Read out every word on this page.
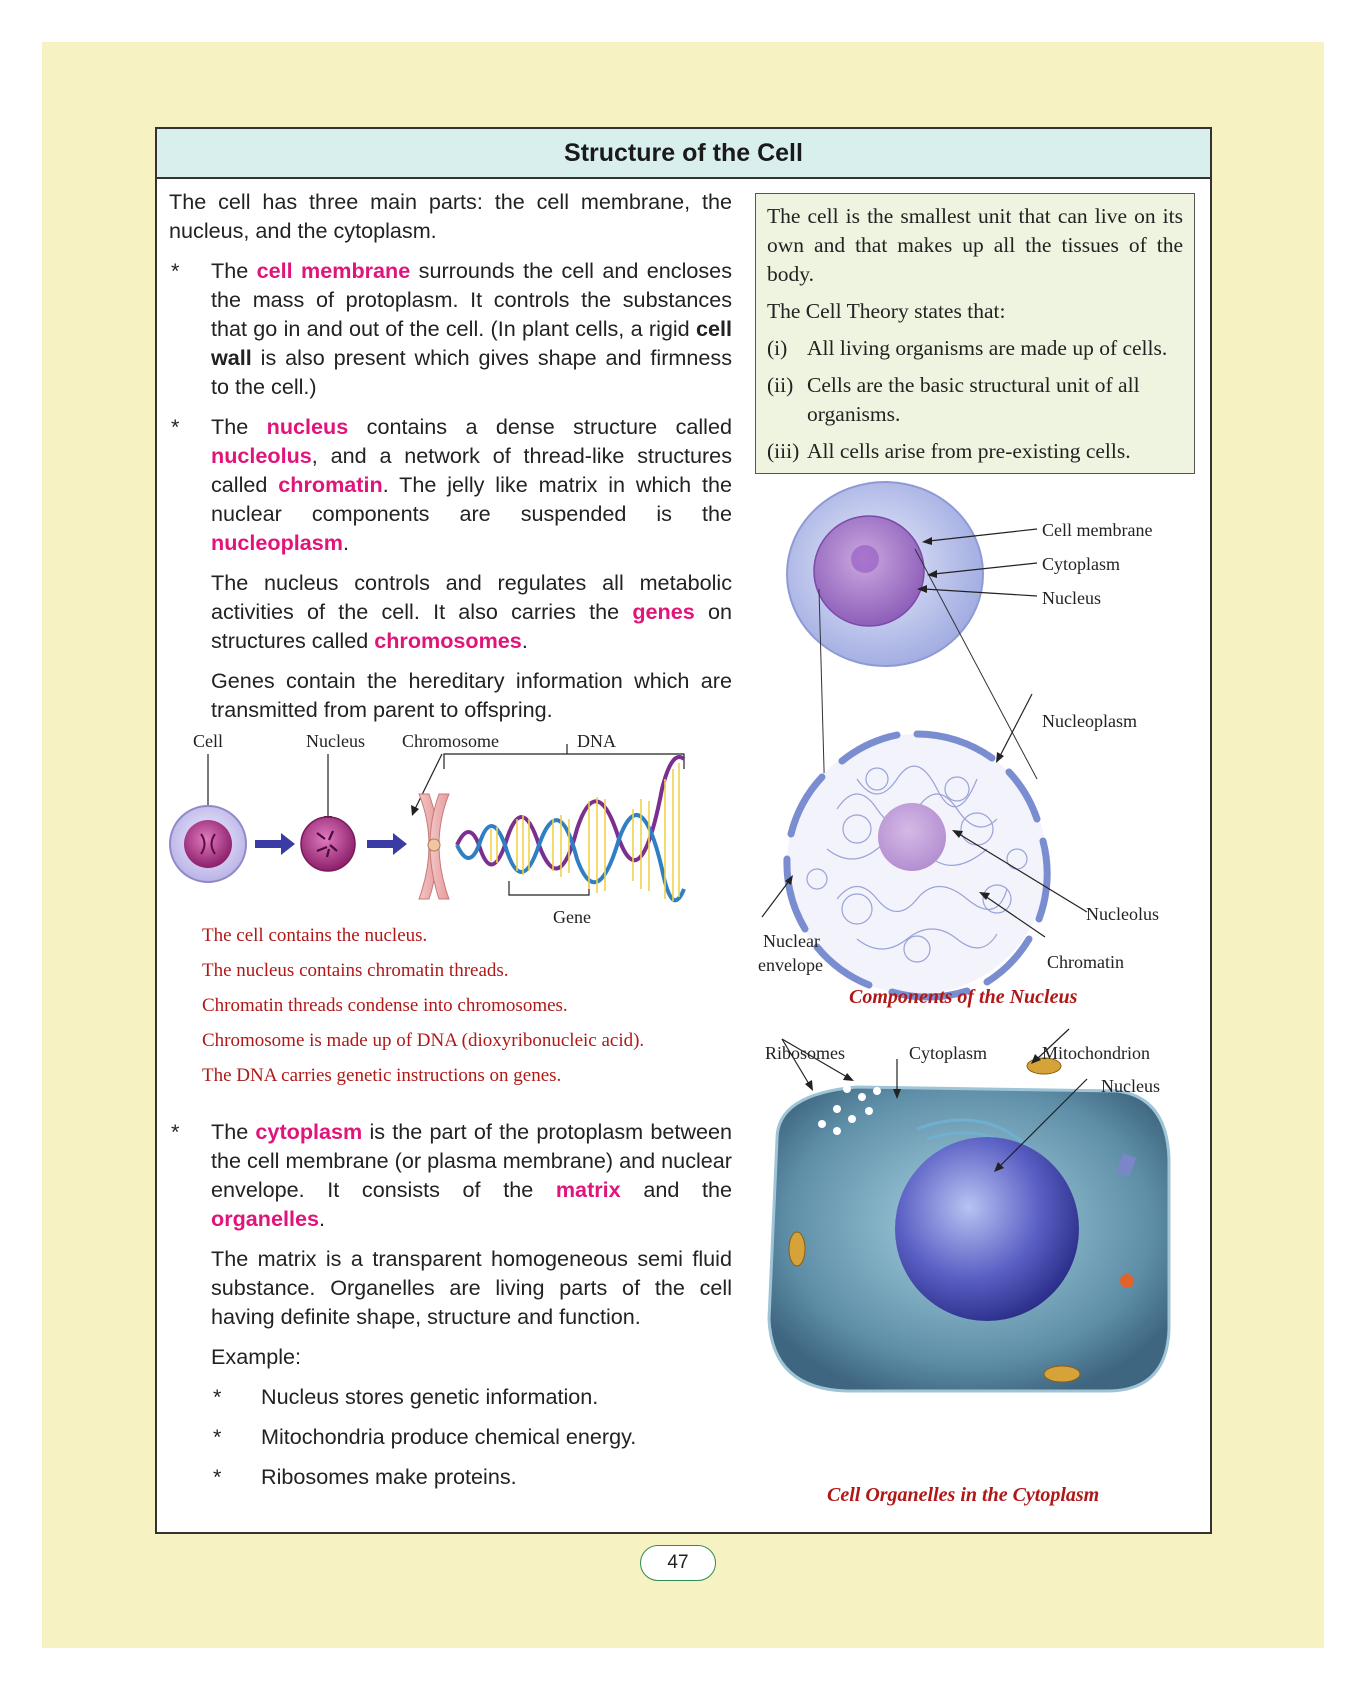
Structure of the Cell

The cell has three main parts: the cell membrane, the nucleus, and the cytoplasm.

*	The cell membrane surrounds the cell and encloses the mass of protoplasm. It controls the substances that go in and out of the cell. (In plant cells, a rigid cell wall is also present which gives shape and firmness to the cell.)
*	The nucleus contains a dense structure called nucleolus, and a network of thread-like structures called chromatin. The jelly like matrix in which the nuclear components are suspended is the nucleoplasm.

The nucleus controls and regulates all metabolic activities of the cell. It also carries the genes on structures called chromosomes.

Genes contain the hereditary information which are transmitted from parent to offspring.

Cell	Nucleus Chromosome	DNA
Gene
The cell contains the nucleus.
The nucleus contains chromatin threads.
Chromatin threads condense into chromosomes.
Chromosome is made up of DNA (dioxyribonucleic acid).
The DNA carries genetic instructions on genes.
*	The cytoplasm is the part of the protoplasm between the cell membrane (or plasma membrane) and nuclear envelope. It consists of the matrix and the organelles.

The matrix is a transparent homogeneous semi fluid substance. Organelles are living parts of the cell having definite shape, structure and function.

Example:

*	Nucleus stores genetic information.
*	Mitochondria produce chemical energy.
*	Ribosomes make proteins.

The cell is the smallest unit that can live on its own and that makes up all the tissues of the body.

The Cell Theory states that:

(i) All living organisms are made up of cells.
(ii) Cells are the basic structural unit of all organisms.
(iii) All cells arise from pre-existing cells.
Cell membrane
Cytoplasm
Nucleus
Nucleoplasm
Nucleolus
Nuclear
envelope	Chromatin
Components of the Nucleus
Ribosomes	Cytoplasm	Mitochondrion
Nucleus
Cell Organelles in the Cytoplasm
47
